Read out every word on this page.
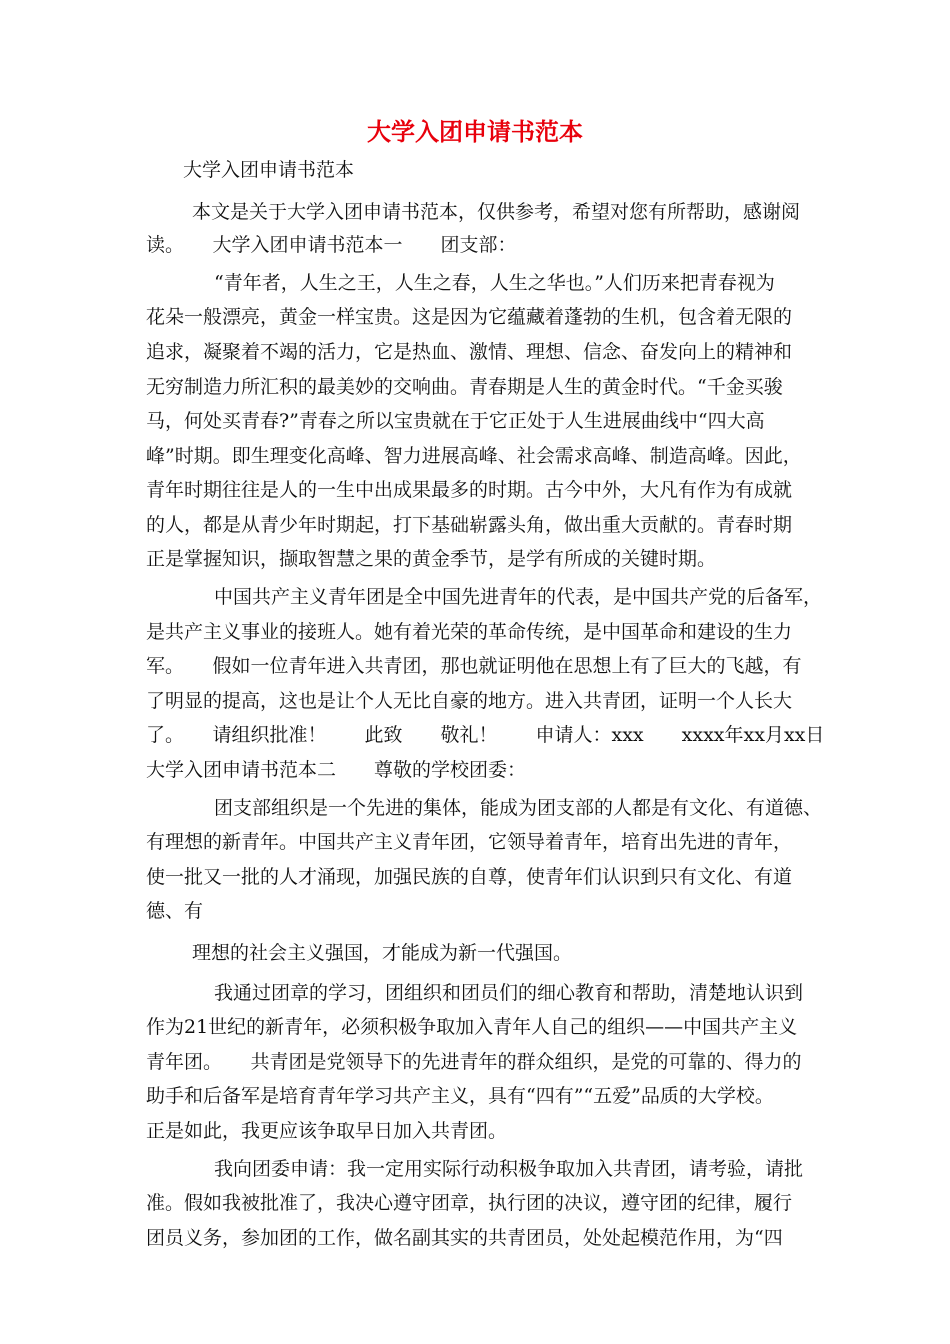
大学入团申请书范本
大学入团申请书范本
本文是关于大学入团申请书范本，仅供参考，希望对您有所帮助，感谢阅
读。　　大学入团申请书范本一　　团支部：
“青年者，人生之王，人生之春，人生之华也。”人们历来把青春视为
花朵一般漂亮，黄金一样宝贵。这是因为它蕴藏着蓬勃的生机，包含着无限的
追求，凝聚着不竭的活力，它是热血、激情、理想、信念、奋发向上的精神和
无穷制造力所汇积的最美妙的交响曲。青春期是人生的黄金时代。“千金买骏
马，何处买青春?”青春之所以宝贵就在于它正处于人生进展曲线中“四大高
峰”时期。即生理变化高峰、智力进展高峰、社会需求高峰、制造高峰。因此，
青年时期往往是人的一生中出成果最多的时期。古今中外，大凡有作为有成就
的人，都是从青少年时期起，打下基础崭露头角，做出重大贡献的。青春时期
正是掌握知识，撷取智慧之果的黄金季节，是学有所成的关键时期。
中国共产主义青年团是全中国先进青年的代表，是中国共产党的后备军，
是共产主义事业的接班人。她有着光荣的革命传统，是中国革命和建设的生力
军。　　假如一位青年进入共青团，那也就证明他在思想上有了巨大的飞越，有
了明显的提高，这也是让个人无比自豪的地方。进入共青团，证明一个人长大
了。　　请组织批准！　　此致　　敬礼！　　申请人：xxx　　xxxx年xx月xx日
大学入团申请书范本二　　尊敬的学校团委：
团支部组织是一个先进的集体，能成为团支部的人都是有文化、有道德、
有理想的新青年。中国共产主义青年团，它领导着青年，培育出先进的青年，
使一批又一批的人才涌现，加强民族的自尊，使青年们认识到只有文化、有道
德、有
理想的社会主义强国，才能成为新一代强国。
我通过团章的学习，团组织和团员们的细心教育和帮助，清楚地认识到
作为21世纪的新青年，必须积极争取加入青年人自己的组织——中国共产主义
青年团。　　共青团是党领导下的先进青年的群众组织，是党的可靠的、得力的
助手和后备军是培育青年学习共产主义，具有“四有”“五爱”品质的大学校。
正是如此，我更应该争取早日加入共青团。
我向团委申请：我一定用实际行动积极争取加入共青团，请考验，请批
准。假如我被批准了，我决心遵守团章，执行团的决议，遵守团的纪律，履行
团员义务，参加团的工作，做名副其实的共青团员，处处起模范作用，为“四
